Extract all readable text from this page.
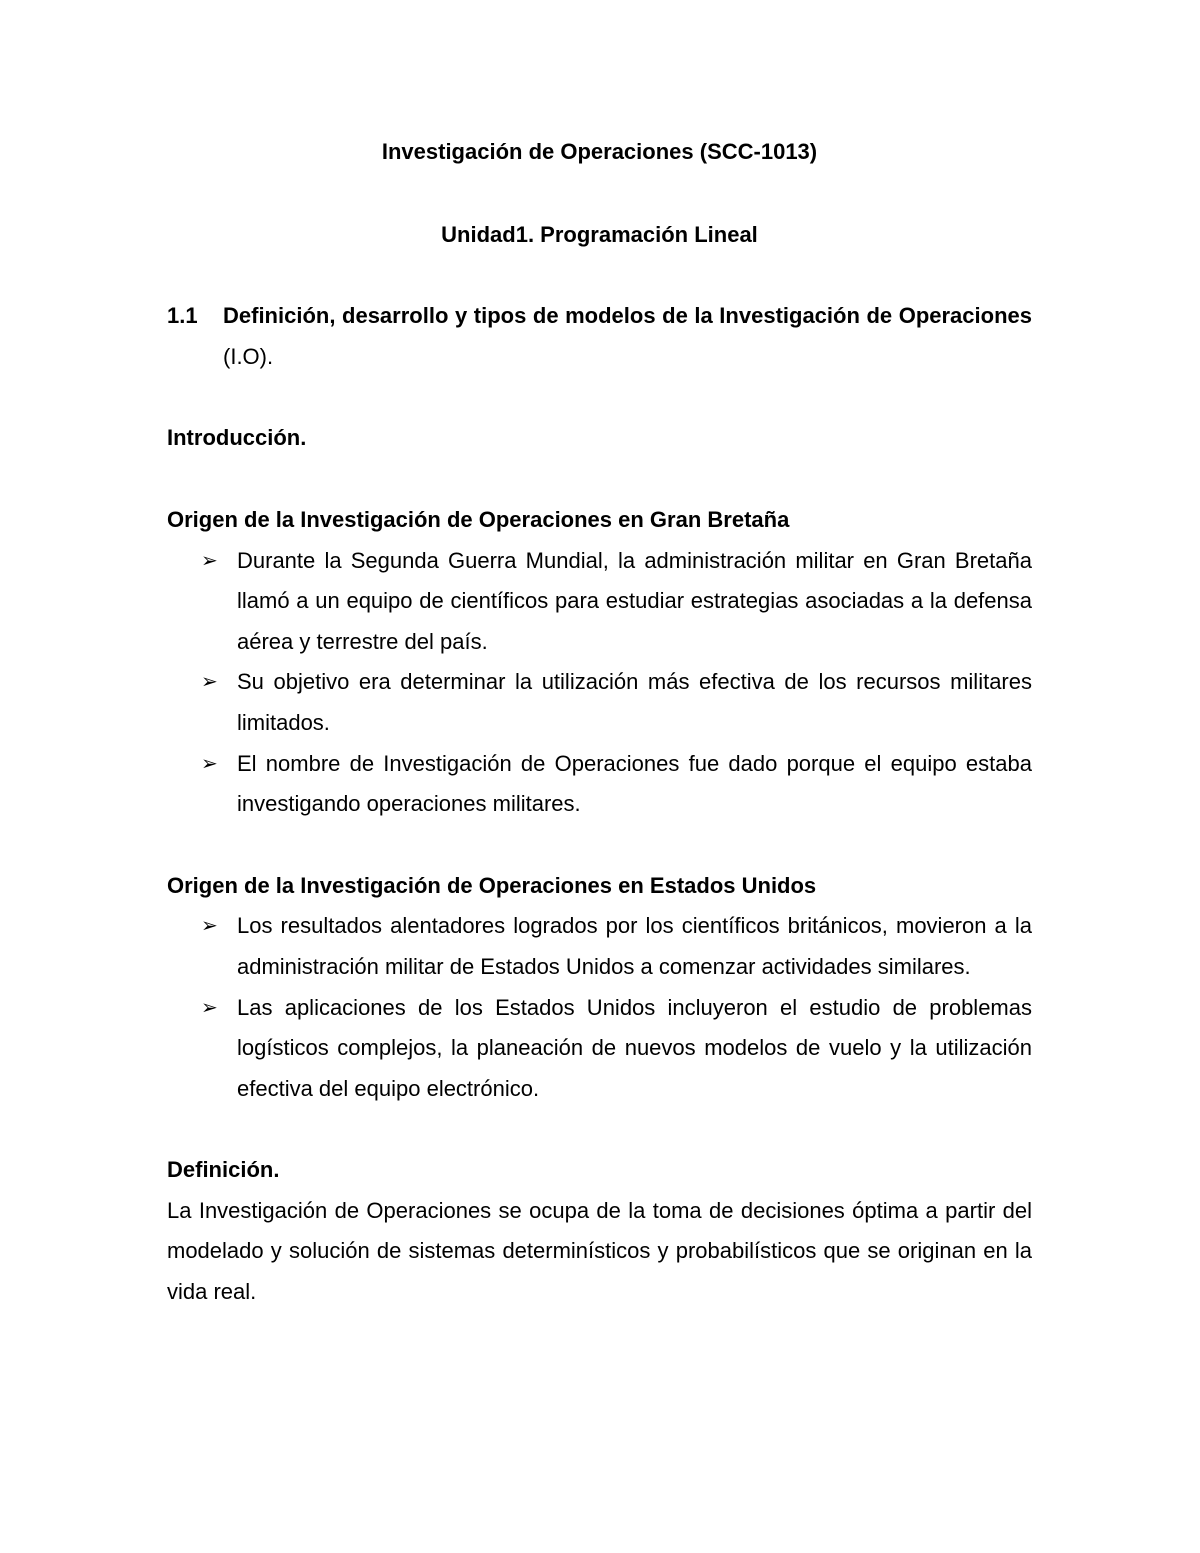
Investigación de Operaciones (SCC-1013)

Unidad1. Programación Lineal

1.1	Definición, desarrollo y tipos de modelos de la Investigación de Operaciones (I.O).

Introducción.

Origen de la Investigación de Operaciones en Gran Bretaña

➢ Durante la Segunda Guerra Mundial, la administración militar en Gran Bretaña llamó a un equipo de científicos para estudiar estrategias asociadas a la defensa aérea y terrestre del país.
➢ Su objetivo era determinar la utilización más efectiva de los recursos militares limitados.
➢ El nombre de Investigación de Operaciones fue dado porque el equipo estaba investigando operaciones militares.

Origen de la Investigación de Operaciones en Estados Unidos

➢ Los resultados alentadores logrados por los científicos británicos, movieron a la administración militar de Estados Unidos a comenzar actividades similares.
➢ Las aplicaciones de los Estados Unidos incluyeron el estudio de problemas logísticos complejos, la planeación de nuevos modelos de vuelo y la utilización efectiva del equipo electrónico.

Definición.

La Investigación de Operaciones se ocupa de la toma de decisiones óptima a partir del modelado y solución de sistemas determinísticos y probabilísticos que se originan en la vida real.
